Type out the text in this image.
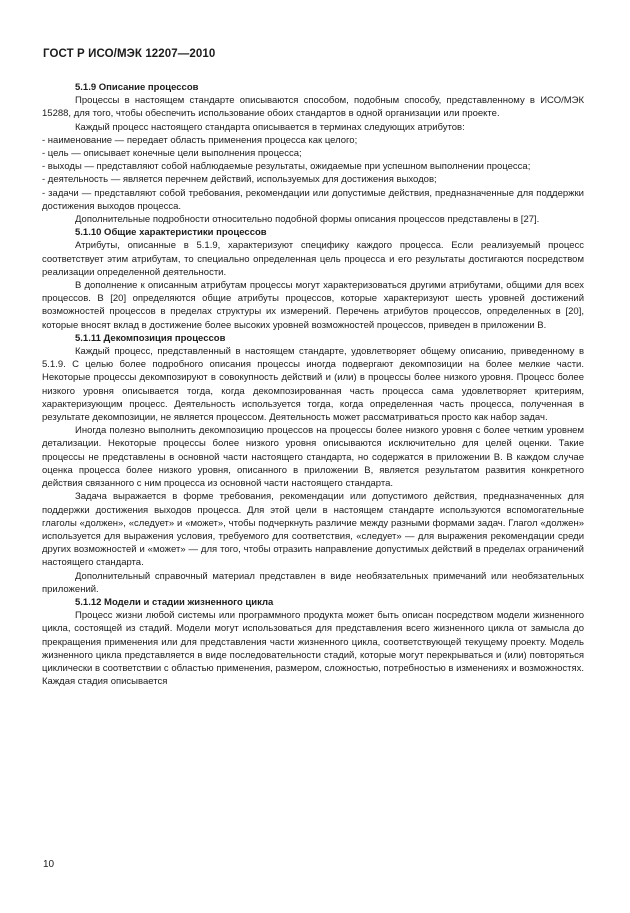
ГОСТ Р ИСО/МЭК 12207—2010
5.1.9 Описание процессов

Процессы в настоящем стандарте описываются способом, подобным способу, представленному в ИСО/МЭК 15288, для того, чтобы обеспечить использование обоих стандартов в одной организации или проекте.

Каждый процесс настоящего стандарта описывается в терминах следующих атрибутов:

- наименование — передает область применения процесса как целого;

- цель — описывает конечные цели выполнения процесса;

- выходы — представляют собой наблюдаемые результаты, ожидаемые при успешном выполнении процесса;

- деятельность — является перечнем действий, используемых для достижения выходов;

- задачи — представляют собой требования, рекомендации или допустимые действия, предназначенные для поддержки достижения выходов процесса.

Дополнительные подробности относительно подобной формы описания процессов представлены в [27].

5.1.10 Общие характеристики процессов

Атрибуты, описанные в 5.1.9, характеризуют специфику каждого процесса. Если реализуемый процесс соответствует этим атрибутам, то специально определенная цель процесса и его результаты достигаются посредством реализации определенной деятельности.

В дополнение к описанным атрибутам процессы могут характеризоваться другими атрибутами, общими для всех процессов. В [20] определяются общие атрибуты процессов, которые характеризуют шесть уровней достижений возможностей процессов в пределах структуры их измерений. Перечень атрибутов процессов, определенных в [20], которые вносят вклад в достижение более высоких уровней возможностей процессов, приведен в приложении В.

5.1.11 Декомпозиция процессов

Каждый процесс, представленный в настоящем стандарте, удовлетворяет общему описанию, приведенному в 5.1.9. С целью более подробного описания процессы иногда подвергают декомпозиции на более мелкие части. Некоторые процессы декомпозируют в совокупность действий и (или) в процессы более низкого уровня. Процесс более низкого уровня описывается тогда, когда декомпозированная часть процесса сама удовлетворяет критериям, характеризующим процесс. Деятельность используется тогда, когда определенная часть процесса, полученная в результате декомпозиции, не является процессом. Деятельность может рассматриваться просто как набор задач.

Иногда полезно выполнить декомпозицию процессов на процессы более низкого уровня с более четким уровнем детализации. Некоторые процессы более низкого уровня описываются исключительно для целей оценки. Такие процессы не представлены в основной части настоящего стандарта, но содержатся в приложении В. В каждом случае оценка процесса более низкого уровня, описанного в приложении В, является результатом развития конкретного действия связанного с ним процесса из основной части настоящего стандарта.

Задача выражается в форме требования, рекомендации или допустимого действия, предназначенных для поддержки достижения выходов процесса. Для этой цели в настоящем стандарте используются вспомогательные глаголы «должен», «следует» и «может», чтобы подчеркнуть различие между разными формами задач. Глагол «должен» используется для выражения условия, требуемого для соответствия, «следует» — для выражения рекомендации среди других возможностей и «может» — для того, чтобы отразить направление допустимых действий в пределах ограничений настоящего стандарта.

Дополнительный справочный материал представлен в виде необязательных примечаний или необязательных приложений.

5.1.12 Модели и стадии жизненного цикла

Процесс жизни любой системы или программного продукта может быть описан посредством модели жизненного цикла, состоящей из стадий. Модели могут использоваться для представления всего жизненного цикла от замысла до прекращения применения или для представления части жизненного цикла, соответствующей текущему проекту. Модель жизненного цикла представляется в виде последовательности стадий, которые могут перекрываться и (или) повторяться циклически в соответствии с областью применения, размером, сложностью, потребностью в изменениях и возможностях. Каждая стадия описывается

10
